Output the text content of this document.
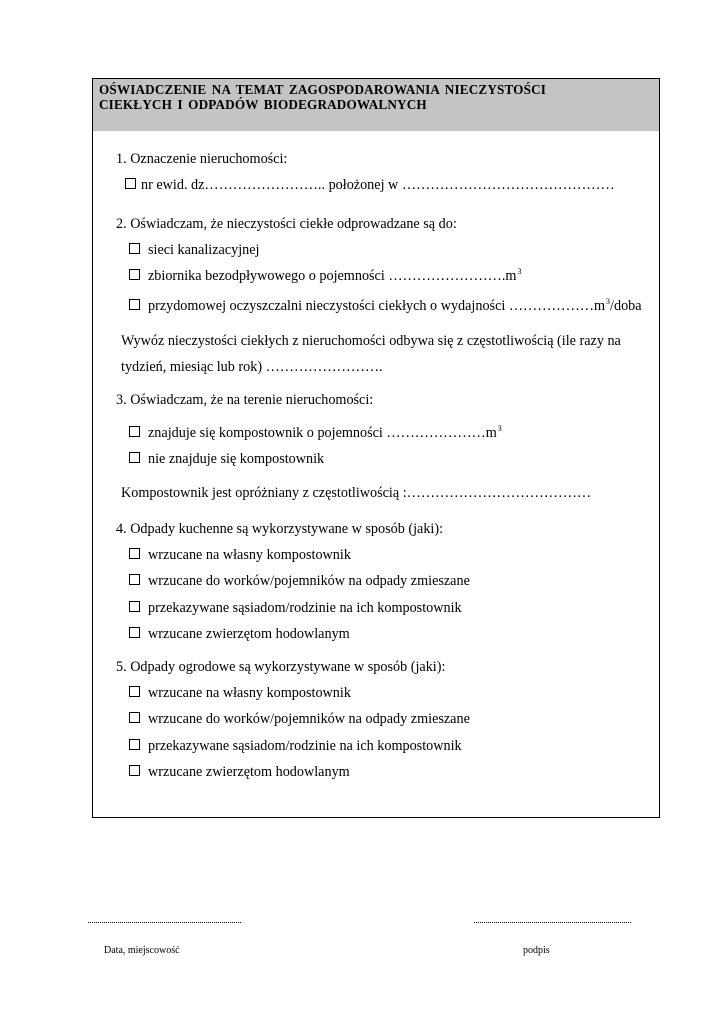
OŚWIADCZENIE NA TEMAT ZAGOSPODAROWANIA NIECZYSTOŚCI
CIEKŁYCH I ODPADÓW BIODEGRADOWALNYCH
1. Oznaczenie nieruchomości:
nr ewid. dz…………………….. położonej w ………………………………………
2. Oświadczam, że nieczystości ciekłe odprowadzane są do:
sieci kanalizacyjnej
zbiornika bezodpływowego o pojemności $\dots\dots\dots\dots\dots\dots\dots\dots.m^3$
przydomowej oczyszczalni nieczystości ciekłych o wydajności $\dots\dots\dots\dots\dots\dots m^3$/doba
Wywóz nieczystości ciekłych z nieruchomości odbywa się z częstotliwością (ile razy na
tydzień, miesiąc lub rok) …………………….
3. Oświadczam, że na terenie nieruchomości:
znajduje się kompostownik o pojemności $\dots\dots\dots\dots\dots\dots\dots m^3$
nie znajduje się kompostownik
Kompostownik jest opróżniany z częstotliwością :…………………………………
4. Odpady kuchenne są wykorzystywane w sposób (jaki):
wrzucane na własny kompostownik
wrzucane do worków/pojemników na odpady zmieszane
przekazywane sąsiadom/rodzinie na ich kompostownik
wrzucane zwierzętom hodowlanym
5. Odpady ogrodowe są wykorzystywane w sposób (jaki):
wrzucane na własny kompostownik
wrzucane do worków/pojemników na odpady zmieszane
przekazywane sąsiadom/rodzinie na ich kompostownik
wrzucane zwierzętom hodowlanym
Data, miejscowość	podpis
